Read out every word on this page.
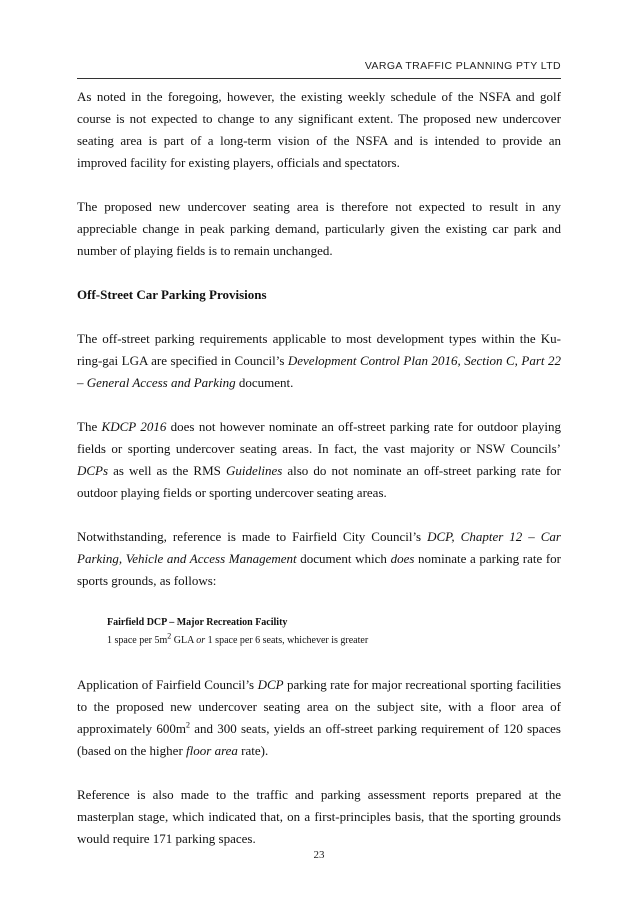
VARGA TRAFFIC PLANNING PTY LTD

As noted in the foregoing, however, the existing weekly schedule of the NSFA and golf course is not expected to change to any significant extent. The proposed new undercover seating area is part of a long-term vision of the NSFA and is intended to provide an improved facility for existing players, officials and spectators.

The proposed new undercover seating area is therefore not expected to result in any appreciable change in peak parking demand, particularly given the existing car park and number of playing fields is to remain unchanged.

Off-Street Car Parking Provisions

The off-street parking requirements applicable to most development types within the Ku-ring-gai LGA are specified in Council’s Development Control Plan 2016, Section C, Part 22 – General Access and Parking document.

The KDCP 2016 does not however nominate an off-street parking rate for outdoor playing fields or sporting undercover seating areas. In fact, the vast majority or NSW Councils’ DCPs as well as the RMS Guidelines also do not nominate an off-street parking rate for outdoor playing fields or sporting undercover seating areas.

Notwithstanding, reference is made to Fairfield City Council’s DCP, Chapter 12 – Car Parking, Vehicle and Access Management document which does nominate a parking rate for sports grounds, as follows:

Fairfield DCP – Major Recreation Facility
1 space per $5m^2$ GLA or 1 space per 6 seats, whichever is greater

Application of Fairfield Council’s DCP parking rate for major recreational sporting facilities to the proposed new undercover seating area on the subject site, with a floor area of approximately $600m^2$ and 300 seats, yields an off-street parking requirement of 120 spaces (based on the higher floor area rate).

Reference is also made to the traffic and parking assessment reports prepared at the masterplan stage, which indicated that, on a first-principles basis, that the sporting grounds would require 171 parking spaces.

23
